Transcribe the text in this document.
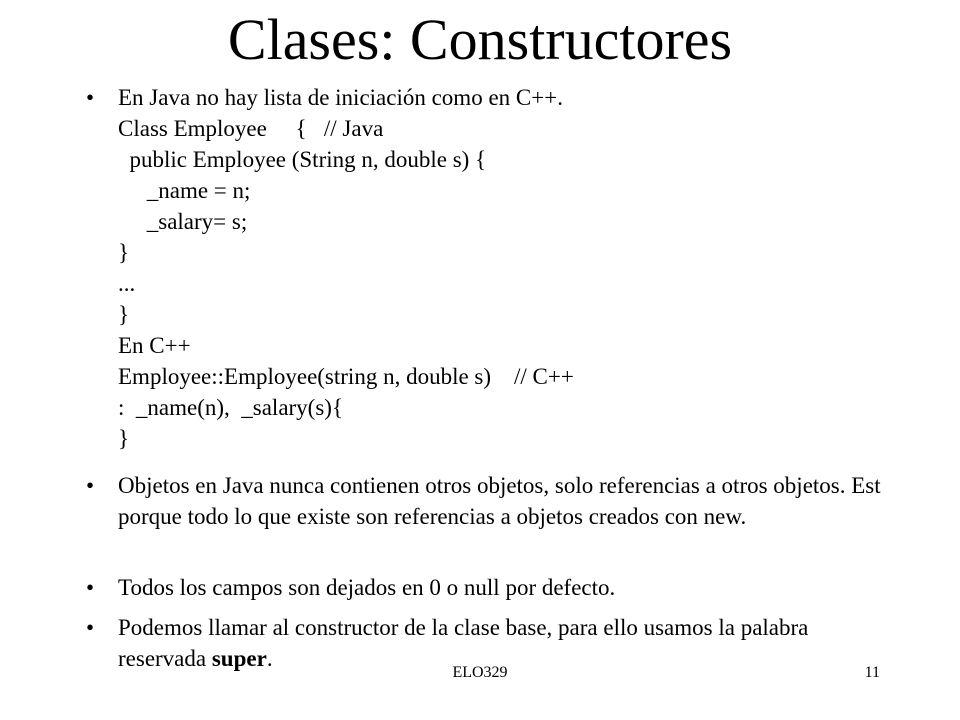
Clases: Constructores
•	En Java no hay lista de iniciación como en C++.
Class Employee     {   // Java
public Employee (String n, double s) {
_name = n;
_salary= s;
}
...
}
En C++
Employee::Employee(string n, double s)    // C++
:  _name(n),  _salary(s){
}
•	Objetos en Java nunca contienen otros objetos, solo referencias a otros objetos. Est porque todo lo que existe son referencias a objetos creados con new.
•	Todos los campos son dejados en 0 o null por defecto.
•	Podemos llamar al constructor de la clase base, para ello usamos la palabra reservada super.
ELO329	11
